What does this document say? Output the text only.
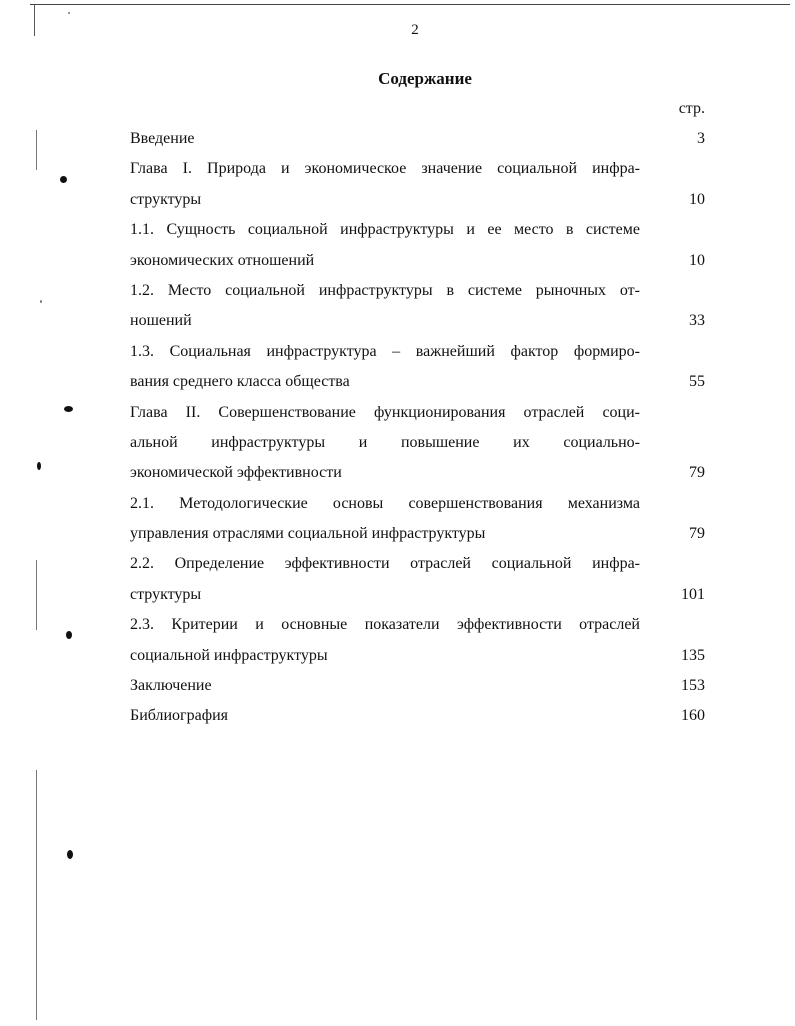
2
Содержание
стр.
Введение	3
Глава I. Природа и экономическое значение социальной инфра-
структуры	10
1.1. Сущность социальной инфраструктуры и ее место в системе
экономических отношений	10
1.2. Место социальной инфраструктуры в системе рыночных от-
ношений	33
1.3. Социальная инфраструктура – важнейший фактор формиро-
вания среднего класса общества	55
Глава II. Совершенствование функционирования отраслей соци-
альной инфраструктуры и повышение их социально-
экономической эффективности	79
2.1. Методологические основы совершенствования механизма
управления отраслями социальной инфраструктуры	79
2.2. Определение эффективности отраслей социальной инфра-
структуры	101
2.3. Критерии и основные показатели эффективности отраслей
социальной инфраструктуры	135
Заключение	153
Библиография	160
